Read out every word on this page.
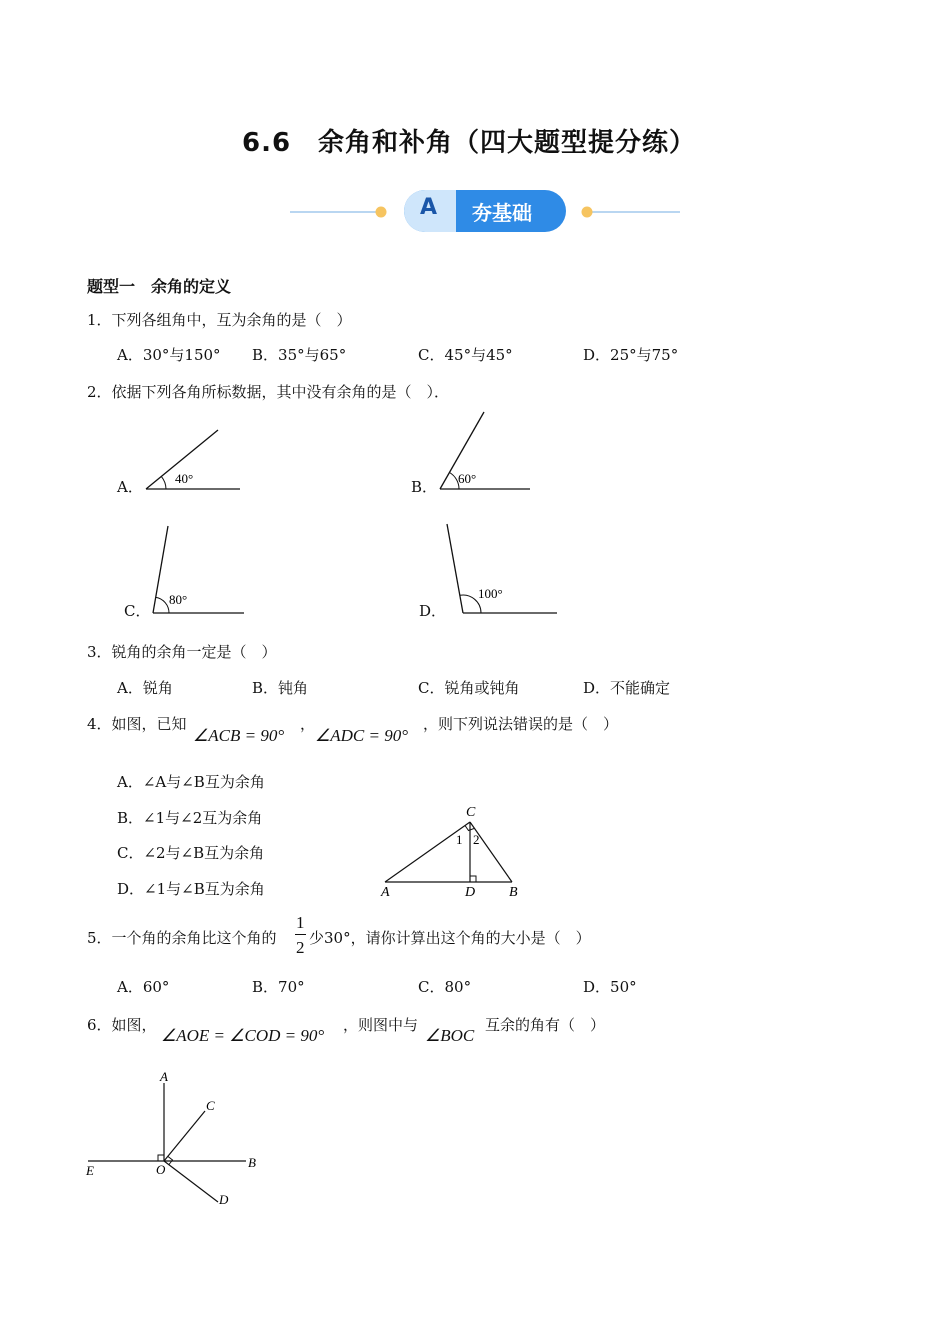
6.6　余角和补角（四大题型提分练）
A 夯基础
题型一　余角的定义
1．下列各组角中，互为余角的是（　）
A．30°与150° B．35°与65°	C．45°与45°	D．25°与75°
2．依据下列各角所标数据，其中没有余角的是（　）．
A． 40°	B． 60°
C．
80°
D．
100°
3．锐角的余角一定是（　）
A．锐角	B．钝角	C．锐角或钝角	D．不能确定
4．如图，已知
∠ACB = 90°
，
∠ADC = 90°
，则下列说法错误的是（　）
A．∠A与∠B互为余角
B．∠1与∠2互为余角
C．∠2与∠B互为余角
D．∠1与∠B互为余角
C
A	D B
1 2
5．一个角的余角比这个角的
1
2 少30°，请你计算出这个角的大小是（　）
A．60°	B．70°	C．80°	D．50°
6．如图，
∠AOE = ∠COD = 90°
，则图中与
∠BOC
互余的角有（　）
A
C
B
E	O
D
